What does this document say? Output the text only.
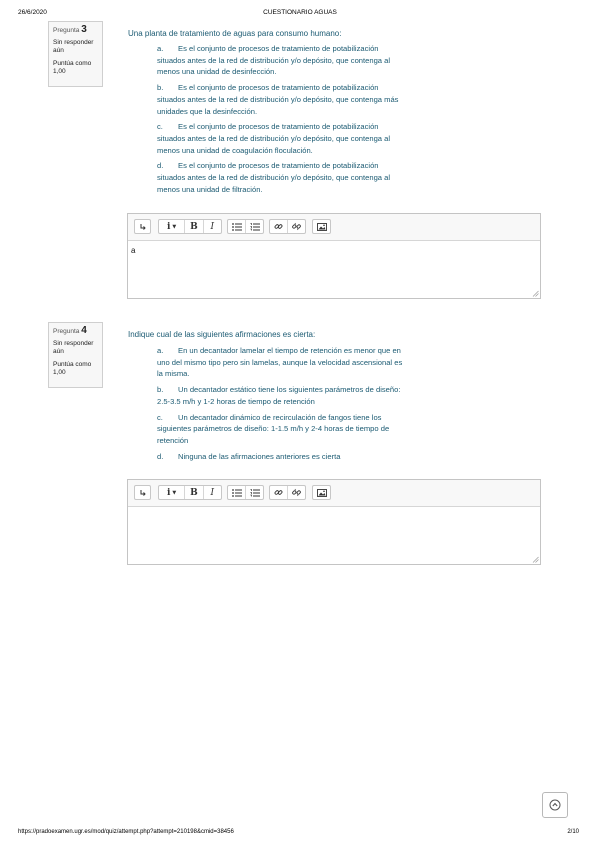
26/6/2020	CUESTIONARIO AGUAS
Pregunta 3
Sin responder aún
Puntúa como 1,00
Una planta de tratamiento de aguas para consumo humano:
a. Es el conjunto de procesos de tratamiento de potabilización situados antes de la red de distribución y/o depósito, que contenga al menos una unidad de desinfección.
b. Es el conjunto de procesos de tratamiento de potabilización situados antes de la red de distribución y/o depósito, que contenga más unidades que la desinfección.
c. Es el conjunto de procesos de tratamiento de potabilización situados antes de la red de distribución y/o depósito, que contenga al menos una unidad de coagulación floculación.
d. Es el conjunto de procesos de tratamiento de potabilización situados antes de la red de distribución y/o depósito, que contenga al menos una unidad de filtración.
i ▼	B	I
a
Pregunta 4
Sin responder aún
Puntúa como 1,00
Indique cual de las siguientes afirmaciones es cierta:
a. En un decantador lamelar el tiempo de retención es menor que en uno del mismo tipo pero sin lamelas, aunque la velocidad ascensional es la misma.
b. Un decantador estático tiene los siguientes parámetros de diseño: 2.5-3.5 m/h y 1-2 horas de tiempo de retención
c. Un decantador dinámico de recirculación de fangos tiene los siguientes parámetros de diseño: 1-1.5 m/h y 2-4 horas de tiempo de retención
d. Ninguna de las afirmaciones anteriores es cierta
i ▼	B	I
https://pradoexamen.ugr.es/mod/quiz/attempt.php?attempt=210198&cmid=38456	2/10
